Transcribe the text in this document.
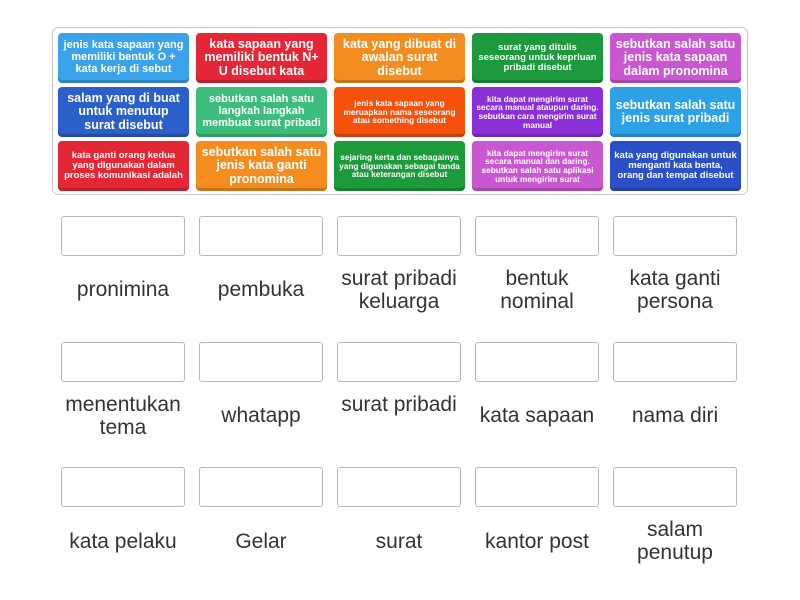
jenis kata sapaan yang memiliki bentuk O + kata kerja di sebut
kata sapaan yang memiliki bentuk N+ U disebut kata
kata yang dibuat di awalan surat disebut
surat yang ditulis seseorang untuk keprluan pribadi disebut
sebutkan salah satu jenis kata sapaan dalam pronomina
salam yang di buat untuk menutup surat disebut
sebutkan salah satu langkah langkah membuat surat pribadi
jenis kata sapaan yang meruapkan nama seseorang atau something disebut
kita dapat mengirim surat secara manual ataupun daring. sebutkan cara mengirim surat manual
sebutkan salah satu jenis surat pribadi
kata ganti orang kedua yang digunakan dalam proses komunikasi adalah
sebutkan salah satu jenis kata ganti pronomina
sejaring kerta dan sebagainya yang digunakan sebagai tanda atau keterangan disebut
kita dapat mengirim surat secara manual dan daring. sebutkan salah satu aplikasi untuk mengirim surat
kata yang digunakan untuk menganti kata benta, orang dan tempat disebut
pronimina	pembuka	surat pribadi keluarga
bentuk nominal
kata ganti persona
menentukan tema
whatapp	surat pribadi	kata sapaan	nama diri
kata pelaku	Gelar	surat	kantor post
salam penutup
